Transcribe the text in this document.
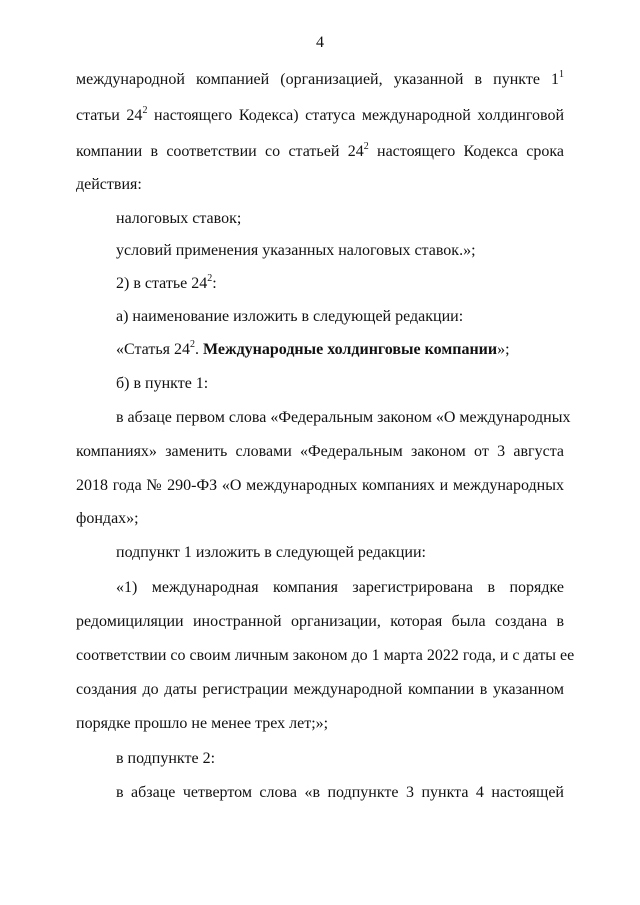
4
международной компанией (организацией, указанной в пункте $1^1$
статьи $24^2$ настоящего Кодекса) статуса международной холдинговой
компании в соответствии со статьей $24^2$ настоящего Кодекса срока
действия:
налоговых ставок;
условий применения указанных налоговых ставок.»;
2) в статье $24^2$:
а) наименование изложить в следующей редакции:
«Статья $24^2$. Международные холдинговые компании»;
б) в пункте 1:
в абзаце первом слова «Федеральным законом «О международных
компаниях» заменить словами «Федеральным законом от 3 августа
2018 года № 290-ФЗ «О международных компаниях и международных
фондах»;
подпункт 1 изложить в следующей редакции:
«1) международная компания зарегистрирована в порядке
редомициляции иностранной организации, которая была создана в
соответствии со своим личным законом до 1 марта 2022 года, и с даты ее
создания до даты регистрации международной компании в указанном
порядке прошло не менее трех лет;»;
в подпункте 2:
в абзаце четвертом слова «в подпункте 3 пункта 4 настоящей
